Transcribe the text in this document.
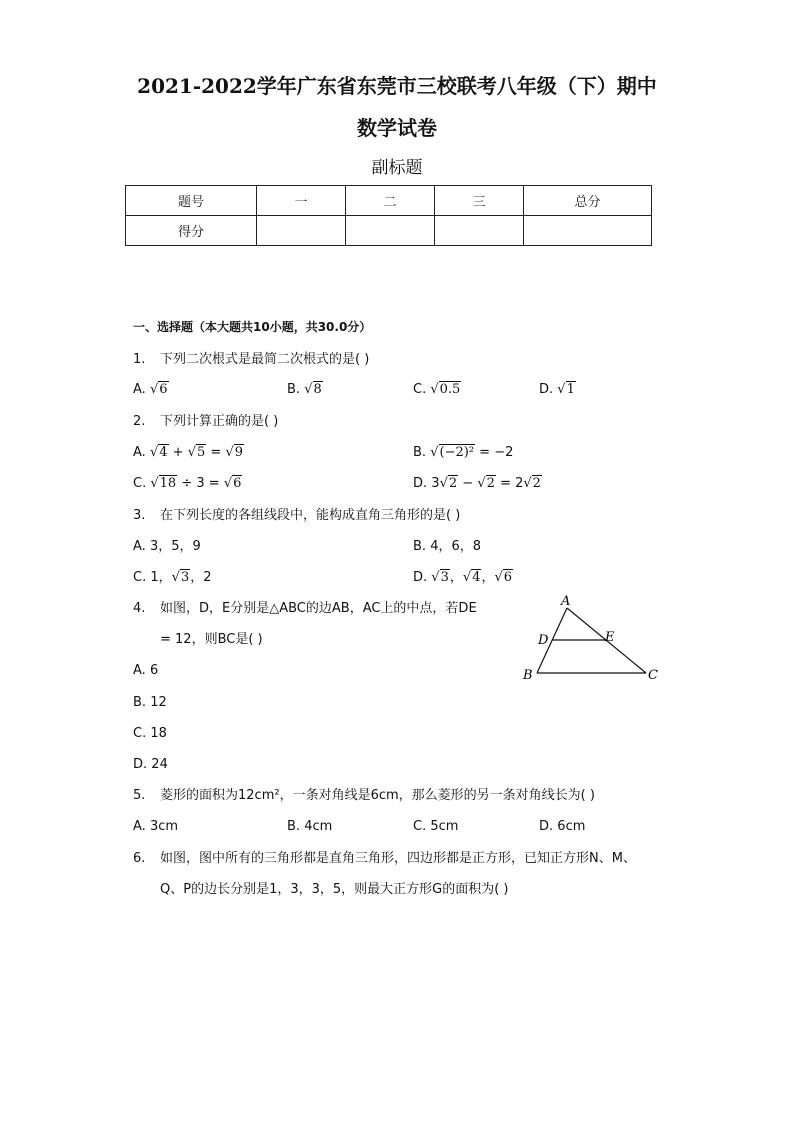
2021-2022学年广东省东莞市三校联考八年级（下）期中
数学试卷
副标题
题号	一	二	三	总分
得分				
一、选择题（本大题共10小题，共30.0分）
1. 下列二次根式是最简二次根式的是( )
A. √6	B. √8	C. √0.5	D. √1
2. 下列计算正确的是( )
A. √4 + √5 = √9	B. √(−2)² = −2
C. √18 ÷ 3 = √6	D. 3√2 − √2 = 2√2
3. 在下列长度的各组线段中，能构成直角三角形的是( )
A. 3，5，9	B. 4，6，8
C. 1，√3，2	D. √3，√4，√6
4. 如图，D，E分别是△ABC的边AB，AC上的中点，若DE
= 12，则BC是( )
A. 6
B. 12
C. 18
D. 24
A
B	C
D	E
5. 菱形的面积为12cm²，一条对角线是6cm，那么菱形的另一条对角线长为( )
A. 3cm	B. 4cm	C. 5cm	D. 6cm
6. 如图，图中所有的三角形都是直角三角形，四边形都是正方形，已知正方形N、M、
Q、P的边长分别是1，3，3，5，则最大正方形G的面积为( )
